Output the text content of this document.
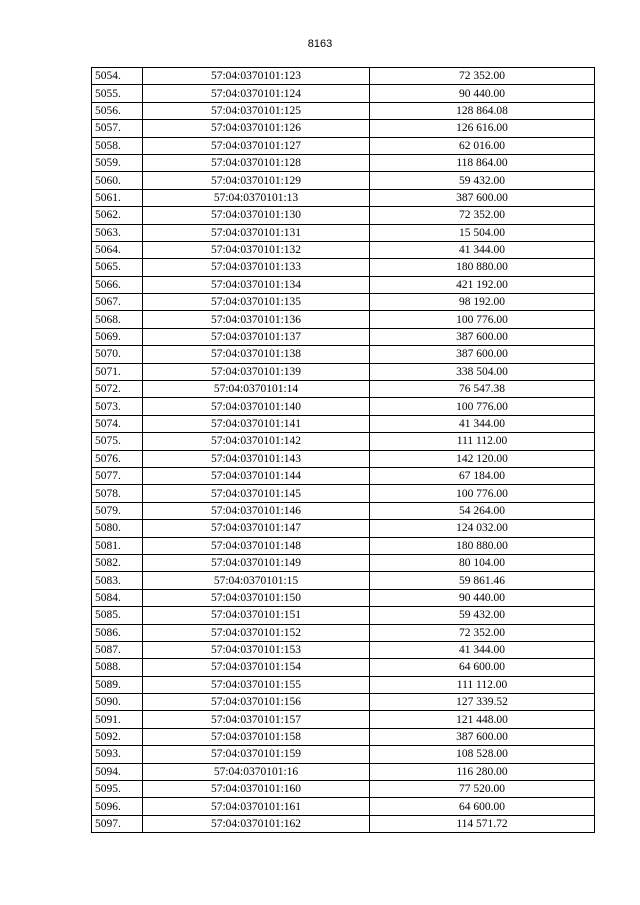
8163
5054.	57:04:0370101:123	72 352.00
5055.	57:04:0370101:124	90 440.00
5056.	57:04:0370101:125	128 864.08
5057.	57:04:0370101:126	126 616.00
5058.	57:04:0370101:127	62 016.00
5059.	57:04:0370101:128	118 864.00
5060.	57:04:0370101:129	59 432.00
5061.	57:04:0370101:13	387 600.00
5062.	57:04:0370101:130	72 352.00
5063.	57:04:0370101:131	15 504.00
5064.	57:04:0370101:132	41 344.00
5065.	57:04:0370101:133	180 880.00
5066.	57:04:0370101:134	421 192.00
5067.	57:04:0370101:135	98 192.00
5068.	57:04:0370101:136	100 776.00
5069.	57:04:0370101:137	387 600.00
5070.	57:04:0370101:138	387 600.00
5071.	57:04:0370101:139	338 504.00
5072.	57:04:0370101:14	76 547.38
5073.	57:04:0370101:140	100 776.00
5074.	57:04:0370101:141	41 344.00
5075.	57:04:0370101:142	111 112.00
5076.	57:04:0370101:143	142 120.00
5077.	57:04:0370101:144	67 184.00
5078.	57:04:0370101:145	100 776.00
5079.	57:04:0370101:146	54 264.00
5080.	57:04:0370101:147	124 032.00
5081.	57:04:0370101:148	180 880.00
5082.	57:04:0370101:149	80 104.00
5083.	57:04:0370101:15	59 861.46
5084.	57:04:0370101:150	90 440.00
5085.	57:04:0370101:151	59 432.00
5086.	57:04:0370101:152	72 352.00
5087.	57:04:0370101:153	41 344.00
5088.	57:04:0370101:154	64 600.00
5089.	57:04:0370101:155	111 112.00
5090.	57:04:0370101:156	127 339.52
5091.	57:04:0370101:157	121 448.00
5092.	57:04:0370101:158	387 600.00
5093.	57:04:0370101:159	108 528.00
5094.	57:04:0370101:16	116 280.00
5095.	57:04:0370101:160	77 520.00
5096.	57:04:0370101:161	64 600.00
5097.	57:04:0370101:162	114 571.72
